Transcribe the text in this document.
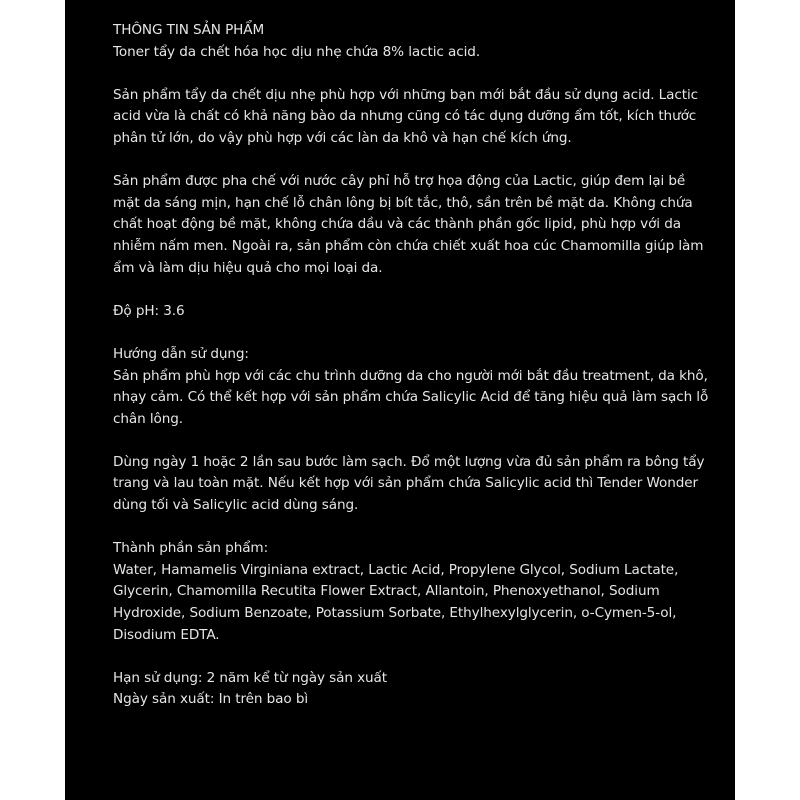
THÔNG TIN SẢN PHẨM

Toner tẩy da chết hóa học dịu nhẹ chứa 8% lactic acid.

Sản phẩm tẩy da chết dịu nhẹ phù hợp với những bạn mới bắt đầu sử dụng acid. Lactic acid vừa là chất có khả năng bào da nhưng cũng có tác dụng dưỡng ẩm tốt, kích thước phân tử lớn, do vậy phù hợp với các làn da khô và hạn chế kích ứng.

Sản phẩm được pha chế với nước cây phỉ hỗ trợ họa động của Lactic, giúp đem lại bề mặt da sáng mịn, hạn chế lỗ chân lông bị bít tắc, thô, sần trên bề mặt da. Không chứa chất hoạt động bề mặt, không chứa dầu và các thành phần gốc lipid, phù hợp với da nhiễm nấm men. Ngoài ra, sản phẩm còn chứa chiết xuất hoa cúc Chamomilla giúp làm ẩm và làm dịu hiệu quả cho mọi loại da.

Độ pH: 3.6

Hướng dẫn sử dụng:

Sản phẩm phù hợp với các chu trình dưỡng da cho người mới bắt đầu treatment, da khô, nhạy cảm. Có thể kết hợp với sản phẩm chứa Salicylic Acid để tăng hiệu quả làm sạch lỗ chân lông.

Dùng ngày 1 hoặc 2 lần sau bước làm sạch. Đổ một lượng vừa đủ sản phẩm ra bông tẩy trang và lau toàn mặt. Nếu kết hợp với sản phẩm chứa Salicylic acid thì Tender Wonder dùng tối và Salicylic acid dùng sáng.

Thành phần sản phẩm:

Water, Hamamelis Virginiana extract, Lactic Acid, Propylene Glycol, Sodium Lactate, Glycerin, Chamomilla Recutita Flower Extract, Allantoin, Phenoxyethanol, Sodium Hydroxide, Sodium Benzoate, Potassium Sorbate, Ethylhexylglycerin, o-Cymen-5-ol, Disodium EDTA.

Hạn sử dụng: 2 năm kể từ ngày sản xuất

Ngày sản xuất: In trên bao bì
